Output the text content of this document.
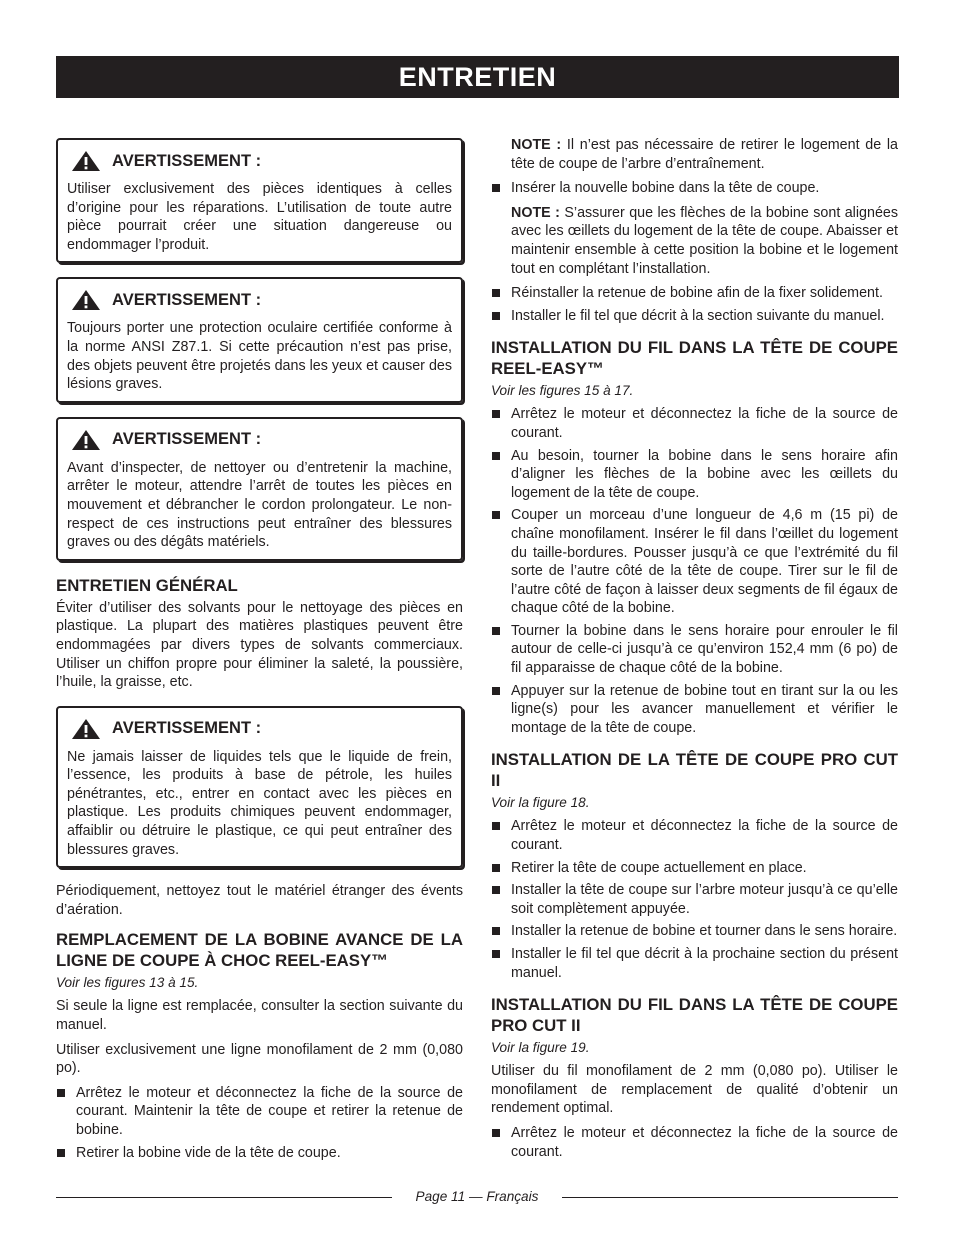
ENTRETIEN
AVERTISSEMENT :

Utiliser exclusivement des pièces identiques à celles d’origine pour les réparations. L’utilisation de toute autre pièce pourrait créer une situation dangereuse ou endommager l’produit.

AVERTISSEMENT :

Toujours porter une protection oculaire certifiée conforme à la norme ANSI Z87.1. Si cette précaution n’est pas prise, des objets peuvent être projetés dans les yeux et causer des lésions graves.

AVERTISSEMENT :

Avant d’inspecter, de nettoyer ou d’entretenir la machine, arrêter le moteur, attendre l’arrêt de toutes les pièces en mouvement et débrancher le cordon prolongateur. Le non-respect de ces instructions peut entraîner des blessures graves ou des dégâts matériels.

ENTRETIEN GÉNÉRAL

Éviter d’utiliser des solvants pour le nettoyage des pièces en plastique. La plupart des matières plastiques peuvent être endommagées par divers types de solvants commerciaux. Utiliser un chiffon propre pour éliminer la saleté, la poussière, l’huile, la graisse, etc.

AVERTISSEMENT :

Ne jamais laisser de liquides tels que le liquide de frein, l’essence, les produits à base de pétrole, les huiles pénétrantes, etc., entrer en contact avec les pièces en plastique. Les produits chimiques peuvent endommager, affaiblir ou détruire le plastique, ce qui peut entraîner des blessures graves.

Périodiquement, nettoyez tout le matériel étranger des évents d’aération.

REMPLACEMENT DE LA BOBINE AVANCE DE LA LIGNE DE COUPE À CHOC REEL-EASY™
Voir les figures 13 à 15.

Si seule la ligne est remplacée, consulter la section suivante du manuel.

Utiliser exclusivement une ligne monofilament de 2 mm (0,080 po).

Arrêtez le moteur et déconnectez la fiche de la source de courant. Maintenir la tête de coupe et retirer la retenue de bobine.
Retirer la bobine vide de la tête de coupe.

NOTE : Il n’est pas nécessaire de retirer le logement de la tête de coupe de l’arbre d’entraînement.

Insérer la nouvelle bobine dans la tête de coupe.

NOTE : S’assurer que les flèches de la bobine sont alignées avec les œillets du logement de la tête de coupe. Abaisser et maintenir ensemble à cette position la bobine et le logement tout en complétant l’installation.

Réinstaller la retenue de bobine afin de la fixer solidement.
Installer le fil tel que décrit à la section suivante du manuel.
INSTALLATION DU FIL DANS LA TÊTE DE COUPE REEL-EASY™
Voir les figures 15 à 17.
Arrêtez le moteur et déconnectez la fiche de la source de courant.
Au besoin, tourner la bobine dans le sens horaire afin d’aligner les flèches de la bobine avec les œillets du logement de la tête de coupe.
Couper un morceau d’une longueur de 4,6 m (15 pi) de chaîne monofilament. Insérer le fil dans l’œillet du logement du taille-bordures. Pousser jusqu’à ce que l’extrémité du fil sorte de l’autre côté de la tête de coupe. Tirer sur le fil de l’autre côté de façon à laisser deux segments de fil égaux de chaque côté de la bobine.
Tourner la bobine dans le sens horaire pour enrouler le fil autour de celle-ci jusqu’à ce qu’environ 152,4 mm (6 po) de fil apparaisse de chaque côté de la bobine.
Appuyer sur la retenue de bobine tout en tirant sur la ou les ligne(s) pour les avancer manuellement et vérifier le montage de la tête de coupe.
INSTALLATION DE LA TÊTE DE COUPE PRO CUT II
Voir la figure 18.
Arrêtez le moteur et déconnectez la fiche de la source de courant.
Retirer la tête de coupe actuellement en place.
Installer la tête de coupe sur l’arbre moteur jusqu’à ce qu’elle soit complètement appuyée.
Installer la retenue de bobine et tourner dans le sens horaire.
Installer le fil tel que décrit à la prochaine section du présent manuel.
INSTALLATION DU FIL DANS LA TÊTE DE COUPE PRO CUT II
Voir la figure 19.

Utiliser du fil monofilament de 2 mm (0,080 po). Utiliser le monofilament de remplacement de qualité d’obtenir un rendement optimal.

Arrêtez le moteur et déconnectez la fiche de la source de courant.
Page 11 — Français
